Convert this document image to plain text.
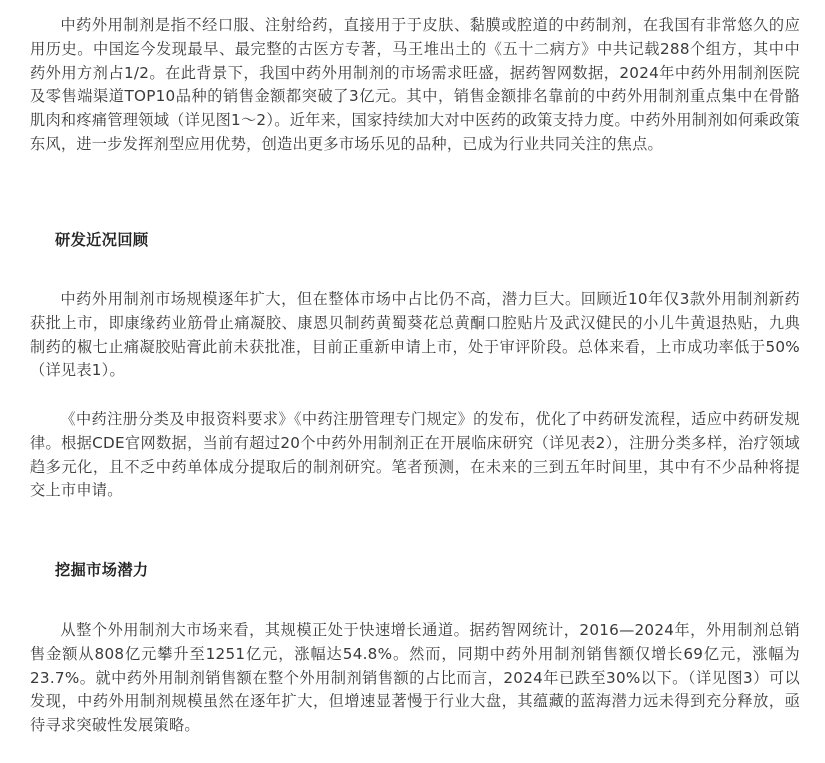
中药外用制剂是指不经口服、注射给药，直接用于于皮肤、黏膜或腔道的中药制剂，在我国有非常悠久的应用历史。中国迄今发现最早、最完整的古医方专著，马王堆出土的《五十二病方》中共记载288个组方，其中中药外用方剂占1/2。在此背景下，我国中药外用制剂的市场需求旺盛，据药智网数据，2024年中药外用制剂医院及零售端渠道TOP10品种的销售金额都突破了3亿元。其中，销售金额排名靠前的中药外用制剂重点集中在骨骼肌肉和疼痛管理领域（详见图1～2）。近年来，国家持续加大对中医药的政策支持力度。中药外用制剂如何乘政策东风，进一步发挥剂型应用优势，创造出更多市场乐见的品种，已成为行业共同关注的焦点。

研发近况回顾

中药外用制剂市场规模逐年扩大，但在整体市场中占比仍不高，潜力巨大。回顾近10年仅3款外用制剂新药获批上市，即康缘药业筋骨止痛凝胶、康恩贝制药黄蜀葵花总黄酮口腔贴片及武汉健民的小儿牛黄退热贴，九典制药的椒七止痛凝胶贴膏此前未获批准，目前正重新申请上市，处于审评阶段。总体来看，上市成功率低于50%（详见表1）。

《中药注册分类及申报资料要求》《中药注册管理专门规定》的发布，优化了中药研发流程，适应中药研发规律。根据CDE官网数据，当前有超过20个中药外用制剂正在开展临床研究（详见表2），注册分类多样，治疗领域趋多元化，且不乏中药单体成分提取后的制剂研究。笔者预测，在未来的三到五年时间里，其中有不少品种将提交上市申请。

挖掘市场潜力

从整个外用制剂大市场来看，其规模正处于快速增长通道。据药智网统计，2016—2024年，外用制剂总销售金额从808亿元攀升至1251亿元，涨幅达54.8%。然而，同期中药外用制剂销售额仅增长69亿元，涨幅为23.7%。就中药外用制剂销售额在整个外用制剂销售额的占比而言，2024年已跌至30%以下。（详见图3）可以发现，中药外用制剂规模虽然在逐年扩大，但增速显著慢于行业大盘，其蕴藏的蓝海潜力远未得到充分释放，亟待寻求突破性发展策略。
